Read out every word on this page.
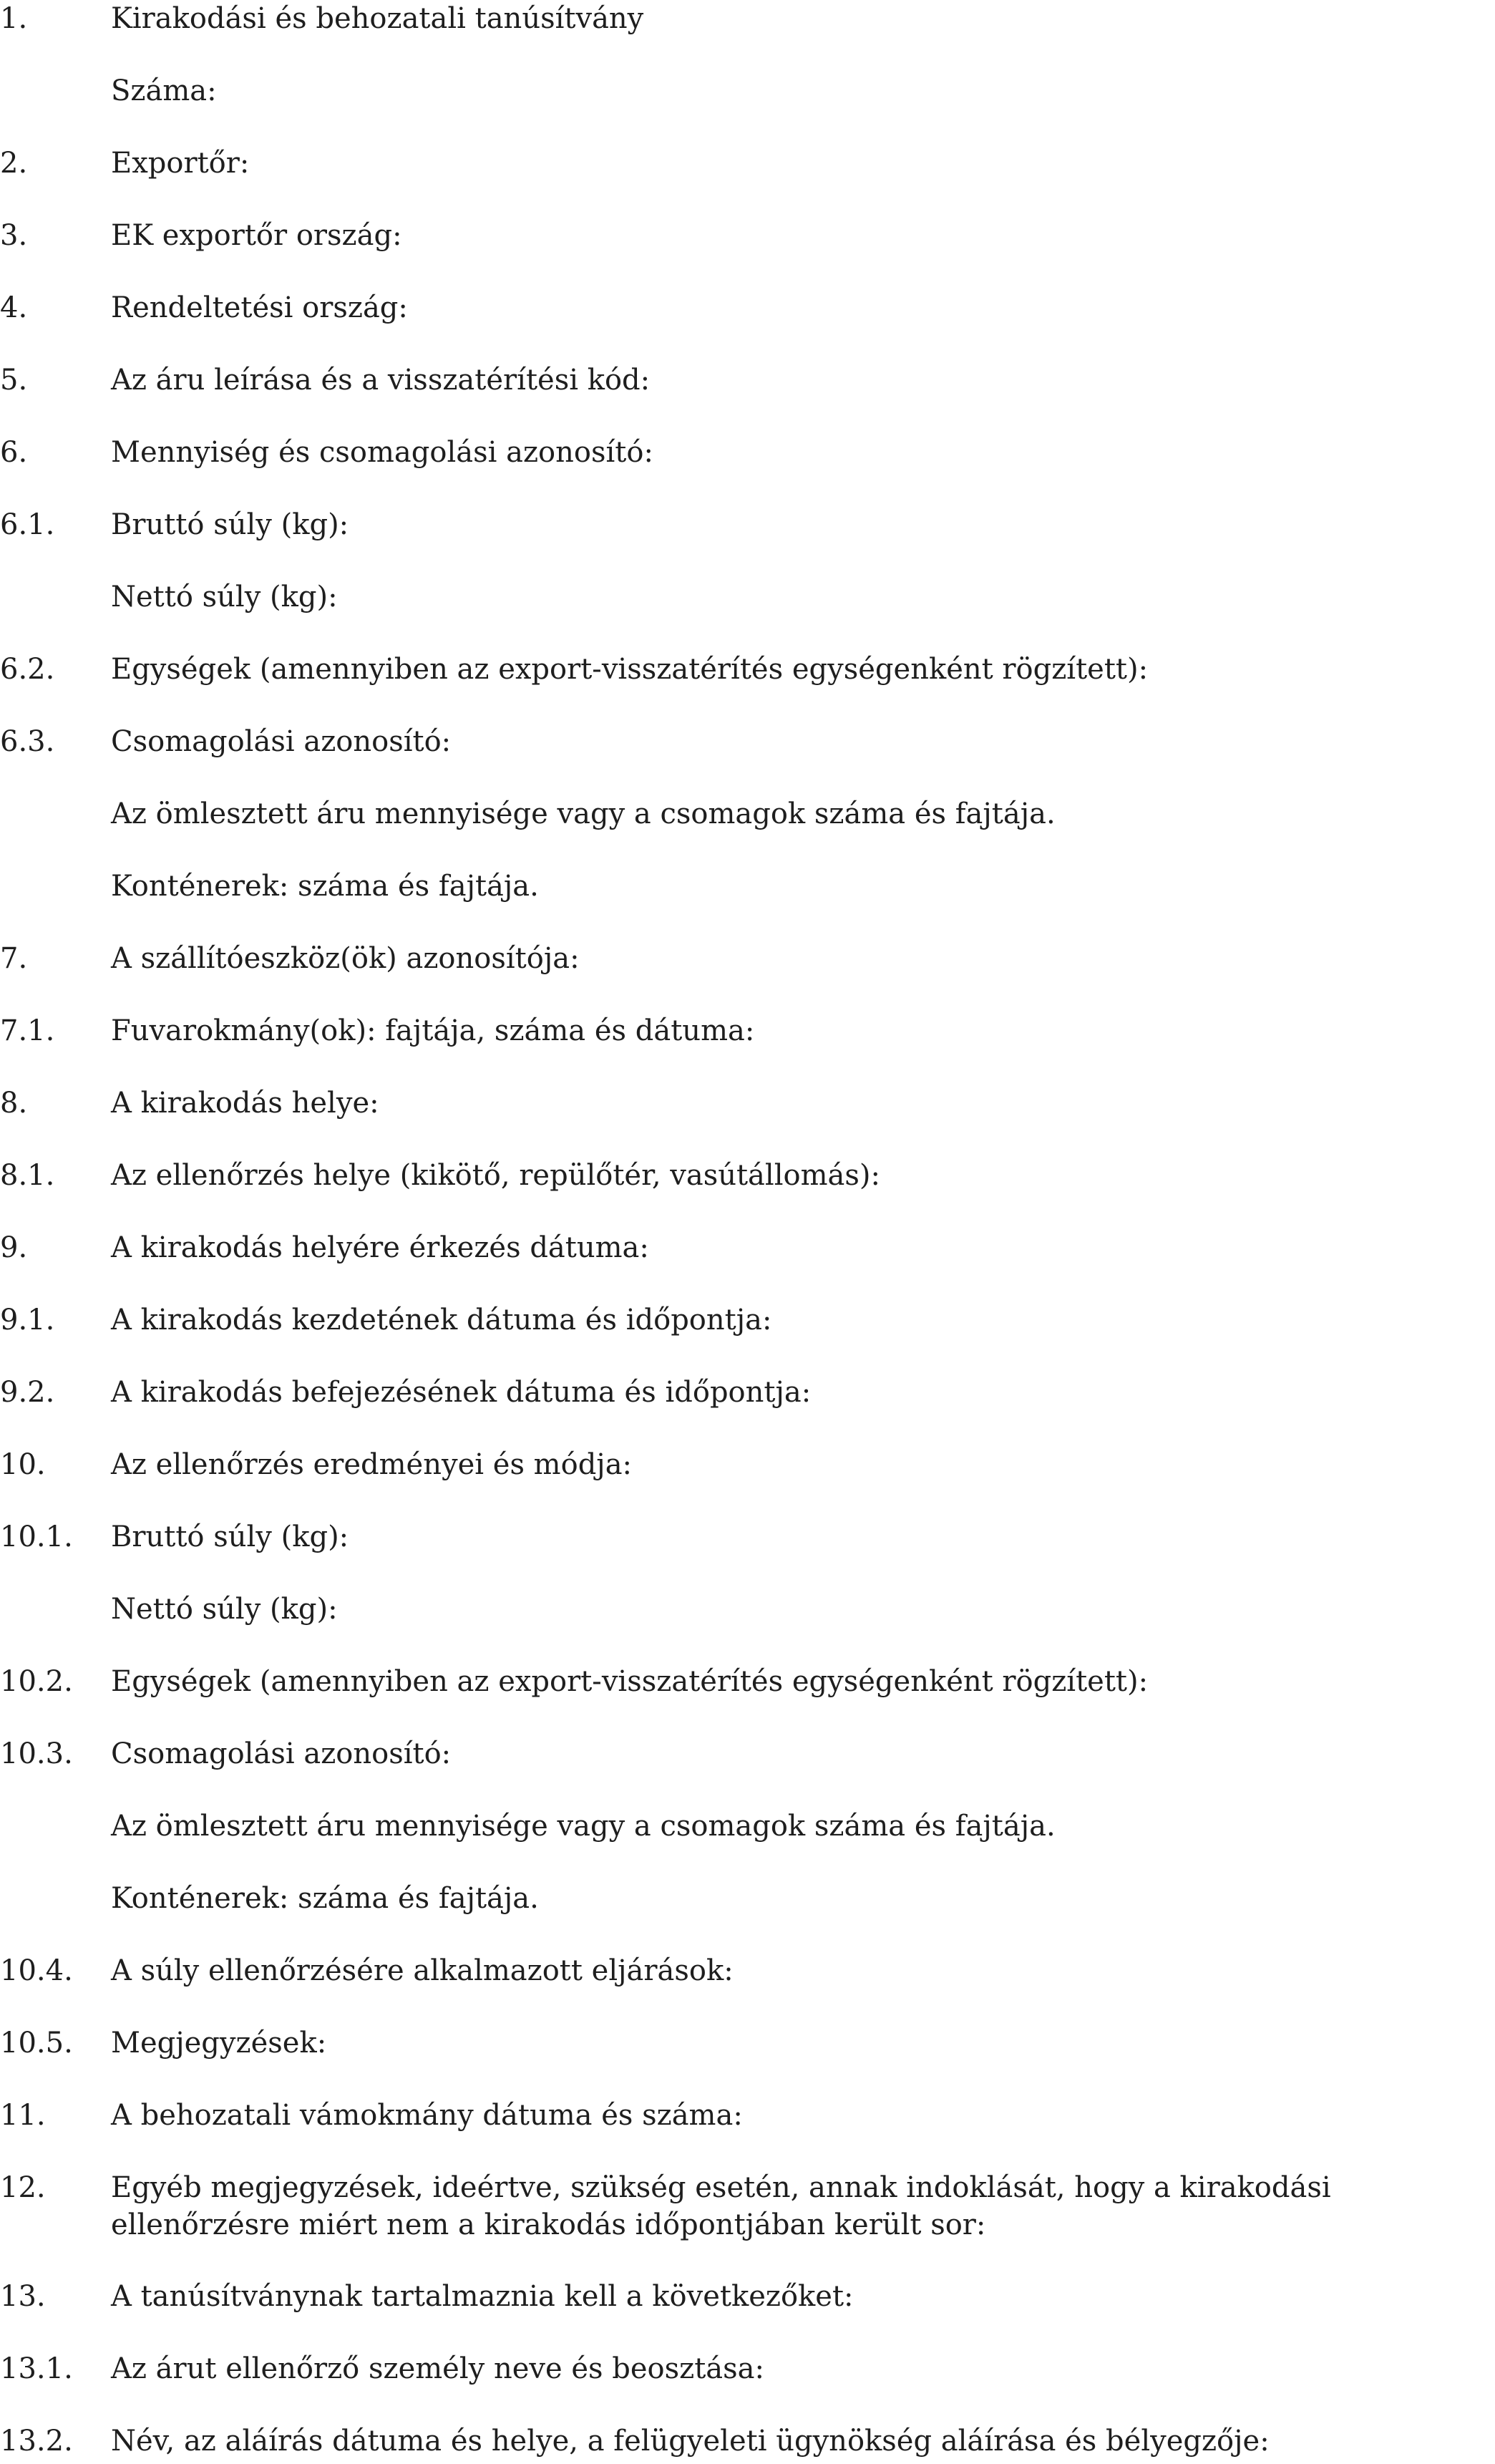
1.	Kirakodási és behozatali tanúsítvány
Száma:
2.	Exportőr:
3.	EK exportőr ország:
4.	Rendeltetési ország:
5.	Az áru leírása és a visszatérítési kód:
6.	Mennyiség és csomagolási azonosító:
6.1.	Bruttó súly (kg):
Nettó súly (kg):
6.2.	Egységek (amennyiben az export-visszatérítés egységenként rögzített):
6.3.	Csomagolási azonosító:
Az ömlesztett áru mennyisége vagy a csomagok száma és fajtája.
Konténerek: száma és fajtája.
7.	A szállítóeszköz(ök) azonosítója:
7.1.	Fuvarokmány(ok): fajtája, száma és dátuma:
8.	A kirakodás helye:
8.1.	Az ellenőrzés helye (kikötő, repülőtér, vasútállomás):
9.	A kirakodás helyére érkezés dátuma:
9.1.	A kirakodás kezdetének dátuma és időpontja:
9.2.	A kirakodás befejezésének dátuma és időpontja:
10.	Az ellenőrzés eredményei és módja:
10.1.	Bruttó súly (kg):
Nettó súly (kg):
10.2.	Egységek (amennyiben az export-visszatérítés egységenként rögzített):
10.3.	Csomagolási azonosító:
Az ömlesztett áru mennyisége vagy a csomagok száma és fajtája.
Konténerek: száma és fajtája.
10.4.	A súly ellenőrzésére alkalmazott eljárások:
10.5.	Megjegyzések:
11.	A behozatali vámokmány dátuma és száma:
12.	Egyéb megjegyzések, ideértve, szükség esetén, annak indoklását, hogy a kirakodási ellenőrzésre miért nem a kirakodás időpontjában került sor:
13.	A tanúsítványnak tartalmaznia kell a következőket:
13.1.	Az árut ellenőrző személy neve és beosztása:
13.2.	Név, az aláírás dátuma és helye, a felügyeleti ügynökség aláírása és bélyegzője:
